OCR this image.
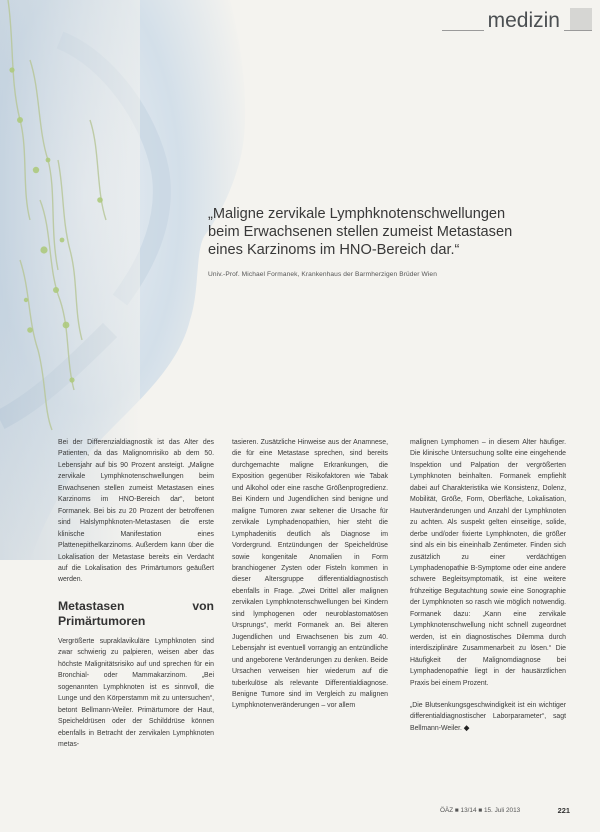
medizin

„Maligne zervikale Lymphknotenschwellungen beim Erwachsenen stellen zumeist Metastasen eines Karzinoms im HNO-Bereich dar.“

Univ.-Prof. Michael Formanek, Krankenhaus der Barmherzigen Brüder Wien

Bei der Differenzialdiagnostik ist das Alter des Patienten, da das Malignomrisiko ab dem 50. Lebensjahr auf bis 90 Prozent ansteigt. „Maligne zervikale Lymphknotenschwellungen beim Erwachsenen stellen zumeist Metastasen eines Karzinoms im HNO-Bereich dar“, betont Formanek. Bei bis zu 20 Prozent der betroffenen sind Halslymphknoten-Metastasen die erste klinische Manifestation eines Plattenepithelkarzinoms. Außerdem kann über die Lokalisation der Metastase bereits ein Verdacht auf die Lokalisation des Primärtumors geäußert werden.

Metastasen von Primärtumoren

Vergrößerte supraklavikuläre Lymphknoten sind zwar schwierig zu palpieren, weisen aber das höchste Malignitätsrisiko auf und sprechen für ein Bronchial- oder Mammakarzinom. „Bei sogenannten Lymphknoten ist es sinnvoll, die Lunge und den Körperstamm mit zu untersuchen“, betont Bellmann-Weiler. Primärtumore der Haut, Speicheldrüsen oder der Schilddrüse können ebenfalls in Betracht der zervikalen Lymphknoten metas-

tasieren. Zusätzliche Hinweise aus der Anamnese, die für eine Metastase sprechen, sind bereits durchgemachte maligne Erkrankungen, die Exposition gegenüber Risikofaktoren wie Tabak und Alkohol oder eine rasche Größenprogredienz. Bei Kindern und Jugendlichen sind benigne und maligne Tumoren zwar seltener die Ursache für zervikale Lymphadenopathien, hier steht die Lymphadenitis deutlich als Diagnose im Vordergrund. Entzündungen der Speicheldrüse sowie kongenitale Anomalien in Form branchiogener Zysten oder Fisteln kommen in dieser Altersgruppe differentialdiagnostisch ebenfalls in Frage. „Zwei Drittel aller malignen zervikalen Lymphknotenschwellungen bei Kindern sind lymphogenen oder neuroblastomatösen Ursprungs“, merkt Formanek an. Bei älteren Jugendlichen und Erwachsenen bis zum 40. Lebensjahr ist eventuell vorrangig an entzündliche und angeborene Veränderungen zu denken. Beide Ursachen verweisen hier wiederum auf die tuberkulöse als relevante Differentialdiagnose. Benigne Tumore sind im Vergleich zu malignen Lymphknotenveränderungen – vor allem

malignen Lymphomen – in diesem Alter häufiger. Die klinische Untersuchung sollte eine eingehende Inspektion und Palpation der vergrößerten Lymphknoten beinhalten. Formanek empfiehlt dabei auf Charakteristika wie Konsistenz, Dolenz, Mobilität, Größe, Form, Oberfläche, Lokalisation, Hautveränderungen und Anzahl der Lymphknoten zu achten. Als suspekt gelten einseitige, solide, derbe und/oder fixierte Lymphknoten, die größer sind als ein bis eineinhalb Zentimeter. Finden sich zusätzlich zu einer verdächtigen Lymphadenopathie B-Symptome oder eine andere schwere Begleitsymptomatik, ist eine weitere frühzeitige Begutachtung sowie eine Sonographie der Lymphknoten so rasch wie möglich notwendig. Formanek dazu: „Kann eine zervikale Lymphknotenschwellung nicht schnell zugeordnet werden, ist ein diagnostisches Dilemma durch interdisziplinäre Zusammenarbeit zu lösen.“ Die Häufigkeit der Malignomdiagnose bei Lymphadenopathie liegt in der hausärztlichen Praxis bei einem Prozent.

„Die Blutsenkungsgeschwindigkeit ist ein wichtiger differentialdiagnostischer Laborparameter“, sagt Bellmann-Weiler. ◆

ÖÄZ ■ 13/14 ■ 15. Juli 2013	221
